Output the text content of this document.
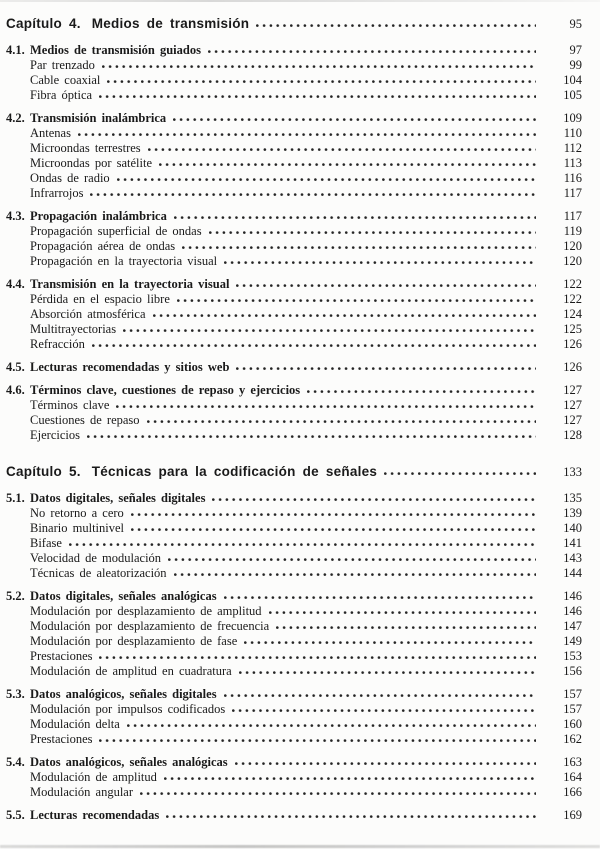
Capítulo 4. Medios de transmisión	95
4.1. Medios de transmisión guiados	97
Par trenzado	99
Cable coaxial	104
Fibra óptica	105
4.2. Transmisión inalámbrica	109
Antenas	110
Microondas terrestres	112
Microondas por satélite	113
Ondas de radio	116
Infrarrojos	117
4.3. Propagación inalámbrica	117
Propagación superficial de ondas	119
Propagación aérea de ondas	120
Propagación en la trayectoria visual	120
4.4. Transmisión en la trayectoria visual	122
Pérdida en el espacio libre	122
Absorción atmosférica	124
Multitrayectorias	125
Refracción	126
4.5. Lecturas recomendadas y sitios web	126
4.6. Términos clave, cuestiones de repaso y ejercicios	127
Términos clave	127
Cuestiones de repaso	127
Ejercicios	128
Capítulo 5. Técnicas para la codificación de señales	133
5.1. Datos digitales, señales digitales	135
No retorno a cero	139
Binario multinivel	140
Bifase	141
Velocidad de modulación	143
Técnicas de aleatorización	144
5.2. Datos digitales, señales analógicas	146
Modulación por desplazamiento de amplitud	146
Modulación por desplazamiento de frecuencia	147
Modulación por desplazamiento de fase	149
Prestaciones	153
Modulación de amplitud en cuadratura	156
5.3. Datos analógicos, señales digitales	157
Modulación por impulsos codificados	157
Modulación delta	160
Prestaciones	162
5.4. Datos analógicos, señales analógicas	163
Modulación de amplitud	164
Modulación angular	166
5.5. Lecturas recomendadas	169
